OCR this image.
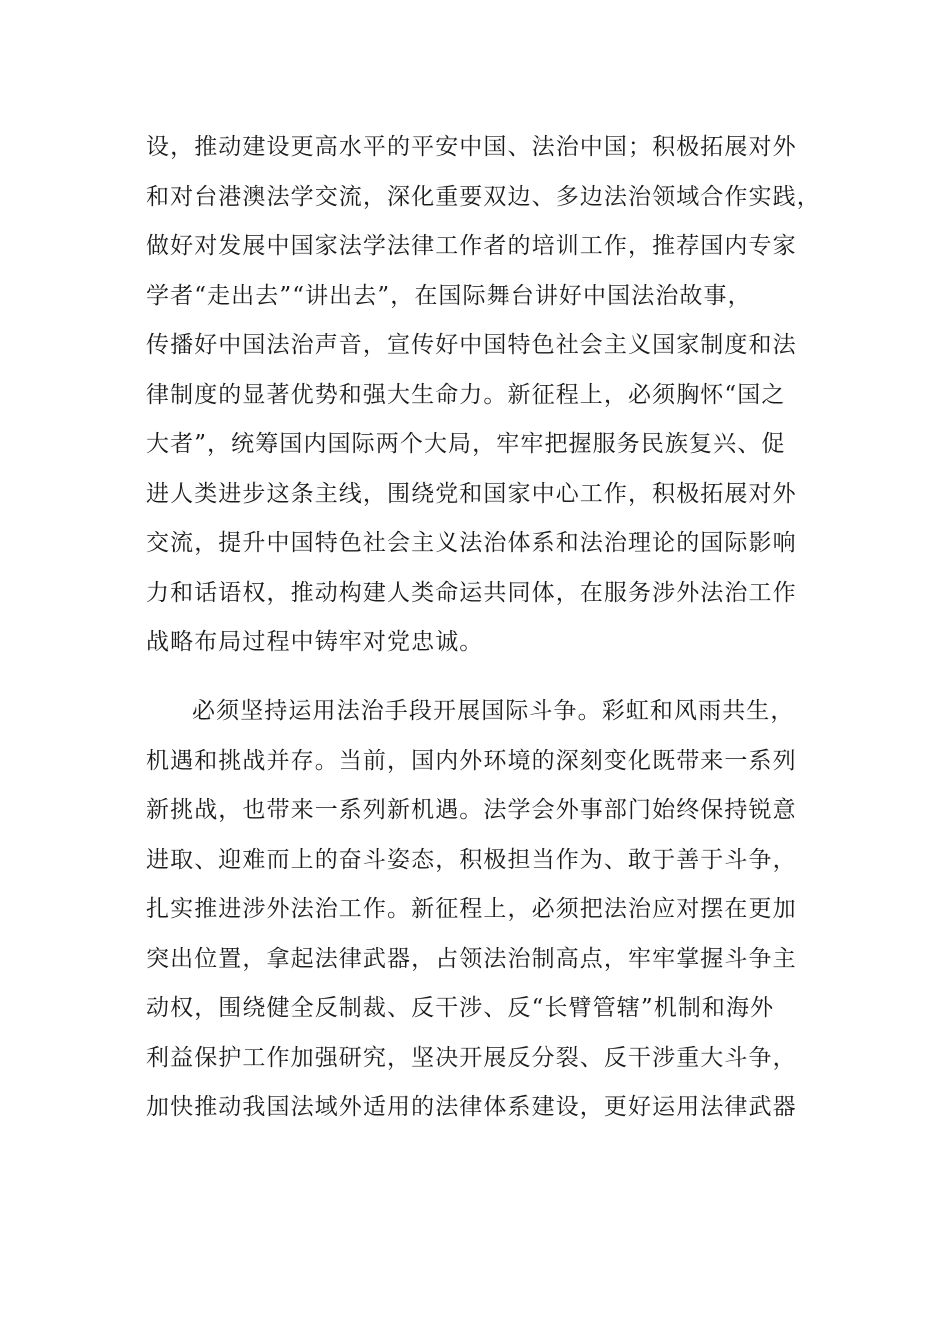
设，推动建设更高水平的平安中国、法治中国；积极拓展对外
和对台港澳法学交流，深化重要双边、多边法治领域合作实践，
做好对发展中国家法学法律工作者的培训工作，推荐国内专家
学者“走出去”“讲出去”，在国际舞台讲好中国法治故事，
传播好中国法治声音，宣传好中国特色社会主义国家制度和法
律制度的显著优势和强大生命力。新征程上，必须胸怀“国之
大者”，统筹国内国际两个大局，牢牢把握服务民族复兴、促
进人类进步这条主线，围绕党和国家中心工作，积极拓展对外
交流，提升中国特色社会主义法治体系和法治理论的国际影响
力和话语权，推动构建人类命运共同体，在服务涉外法治工作
战略布局过程中铸牢对党忠诚。
必须坚持运用法治手段开展国际斗争。彩虹和风雨共生，
机遇和挑战并存。当前，国内外环境的深刻变化既带来一系列
新挑战，也带来一系列新机遇。法学会外事部门始终保持锐意
进取、迎难而上的奋斗姿态，积极担当作为、敢于善于斗争，
扎实推进涉外法治工作。新征程上，必须把法治应对摆在更加
突出位置，拿起法律武器，占领法治制高点，牢牢掌握斗争主
动权，围绕健全反制裁、反干涉、反“长臂管辖”机制和海外
利益保护工作加强研究，坚决开展反分裂、反干涉重大斗争，
加快推动我国法域外适用的法律体系建设，更好运用法律武器
